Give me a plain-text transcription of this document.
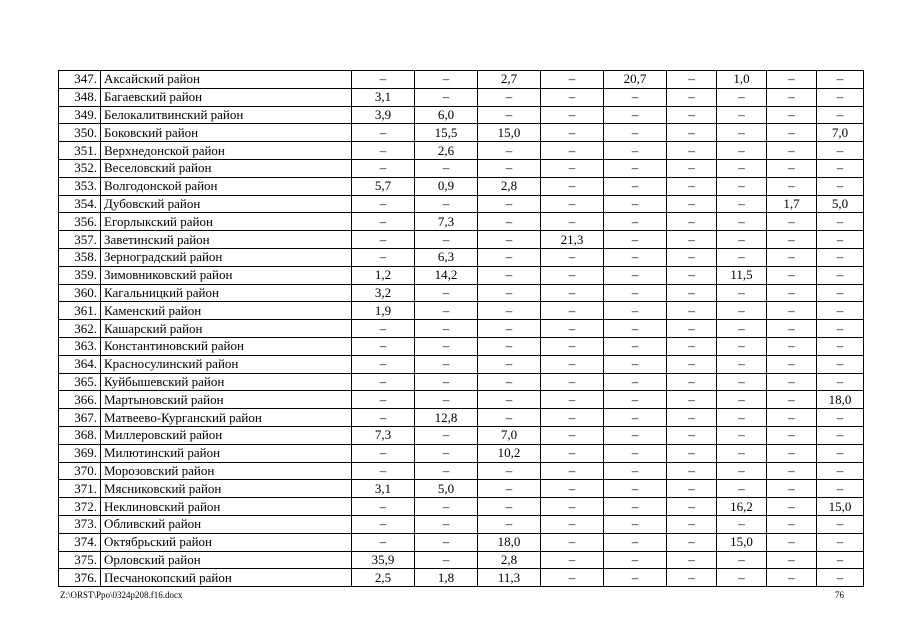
347.	Аксайский район	–	–	2,7	–	20,7	–	1,0	–	–
348.	Багаевский район	3,1	–	–	–	–	–	–	–	–
349.	Белокалитвинский район	3,9	6,0	–	–	–	–	–	–	–
350.	Боковский район	–	15,5	15,0	–	–	–	–	–	7,0
351.	Верхнедонской район	–	2,6	–	–	–	–	–	–	–
352.	Веселовский район	–	–	–	–	–	–	–	–	–
353.	Волгодонской район	5,7	0,9	2,8	–	–	–	–	–	–
354.	Дубовский район	–	–	–	–	–	–	–	1,7	5,0
356.	Егорлыкский район	–	7,3	–	–	–	–	–	–	–
357.	Заветинский район	–	–	–	21,3	–	–	–	–	–
358.	Зерноградский район	–	6,3	–	–	–	–	–	–	–
359.	Зимовниковский район	1,2	14,2	–	–	–	–	11,5	–	–
360.	Кагальницкий район	3,2	–	–	–	–	–	–	–	–
361.	Каменский район	1,9	–	–	–	–	–	–	–	–
362.	Кашарский район	–	–	–	–	–	–	–	–	–
363.	Константиновский район	–	–	–	–	–	–	–	–	–
364.	Красносулинский район	–	–	–	–	–	–	–	–	–
365.	Куйбышевский район	–	–	–	–	–	–	–	–	–
366.	Мартыновский район	–	–	–	–	–	–	–	–	18,0
367.	Матвеево-Курганский район	–	12,8	–	–	–	–	–	–	–
368.	Миллеровский район	7,3	–	7,0	–	–	–	–	–	–
369.	Милютинский район	–	–	10,2	–	–	–	–	–	–
370.	Морозовский район	–	–	–	–	–	–	–	–	–
371.	Мясниковский район	3,1	5,0	–	–	–	–	–	–	–
372.	Неклиновский район	–	–	–	–	–	–	16,2	–	15,0
373.	Обливский район	–	–	–	–	–	–	–	–	–
374.	Октябрьский район	–	–	18,0	–	–	–	15,0	–	–
375.	Орловский район	35,9	–	2,8	–	–	–	–	–	–
376.	Песчанокопский район	2,5	1,8	11,3	–	–	–	–	–	–
Z:\ORST\Ppo\0324p208.f16.docx	76
